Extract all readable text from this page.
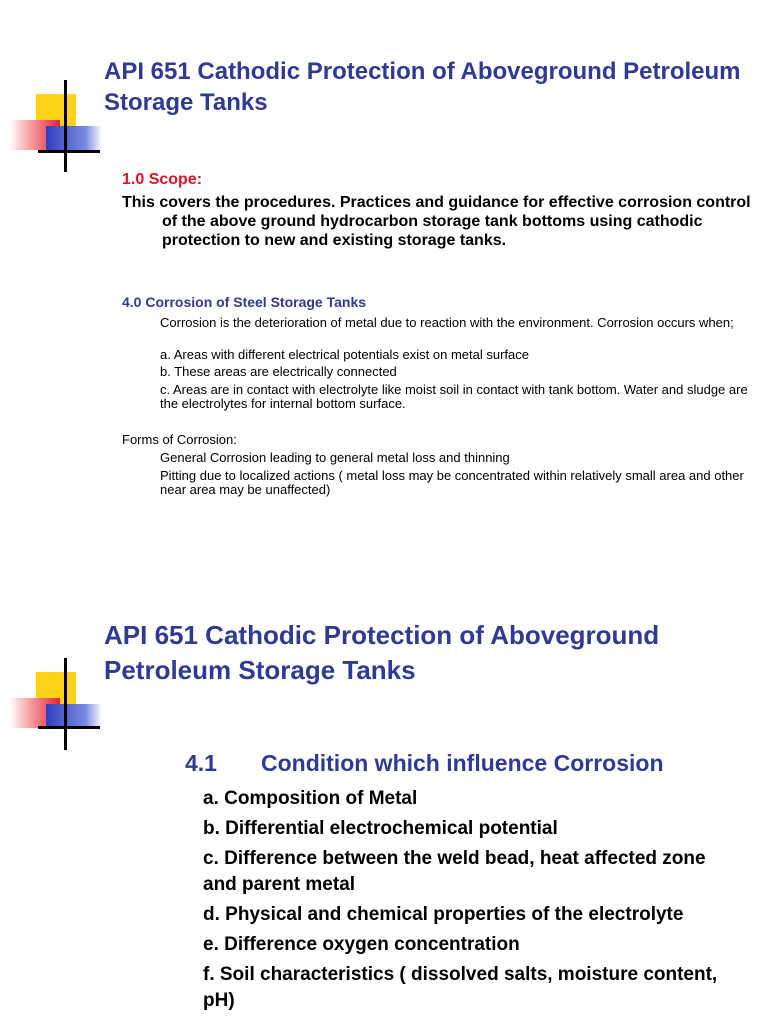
API 651 Cathodic Protection of Aboveground Petroleum Storage Tanks
1.0 Scope:

This covers the procedures. Practices and guidance for effective corrosion control of the above ground hydrocarbon storage tank bottoms using cathodic protection to new and existing storage tanks.

4.0 Corrosion of Steel Storage Tanks

Corrosion is the deterioration of metal due to reaction with the environment. Corrosion occurs when;

a. Areas with different electrical potentials exist on metal surface

b. These areas are electrically connected

c. Areas are in contact with electrolyte like moist soil in contact with tank bottom. Water and sludge are the electrolytes for internal bottom surface.

Forms of Corrosion:

General Corrosion leading to general metal loss and thinning

Pitting due to localized actions ( metal loss may be concentrated within relatively small area and other near area may be unaffected)

API 651 Cathodic Protection of Aboveground Petroleum Storage Tanks
4.1 Condition which influence Corrosion
a. Composition of Metal
b. Differential electrochemical potential
c. Difference between the weld bead, heat affected zone and parent metal
d. Physical and chemical properties of the electrolyte
e. Difference oxygen concentration
f. Soil characteristics ( dissolved salts, moisture content, pH)
